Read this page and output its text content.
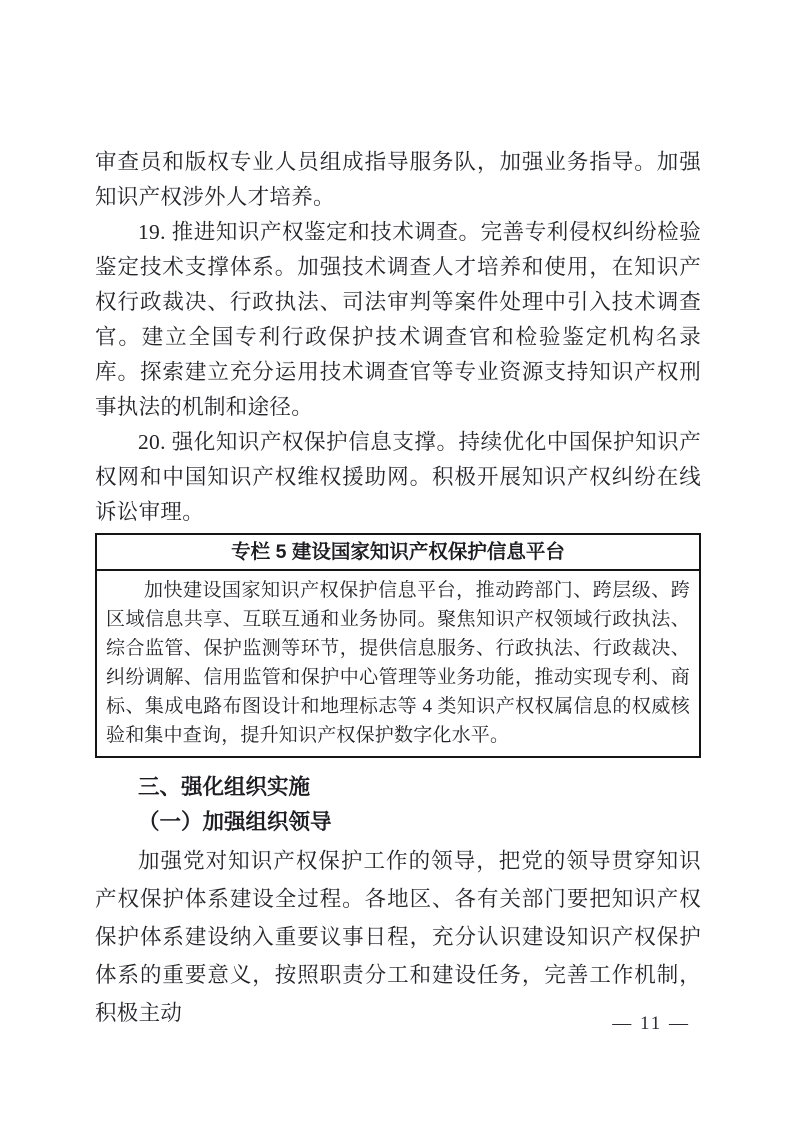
审查员和版权专业人员组成指导服务队，加强业务指导。加强知识产权涉外人才培养。

19. 推进知识产权鉴定和技术调查。完善专利侵权纠纷检验鉴定技术支撑体系。加强技术调查人才培养和使用，在知识产权行政裁决、行政执法、司法审判等案件处理中引入技术调查官。建立全国专利行政保护技术调查官和检验鉴定机构名录库。探索建立充分运用技术调查官等专业资源支持知识产权刑事执法的机制和途径。

20. 强化知识产权保护信息支撑。持续优化中国保护知识产权网和中国知识产权维权援助网。积极开展知识产权纠纷在线诉讼审理。

专栏 5 建设国家知识产权保护信息平台

加快建设国家知识产权保护信息平台，推动跨部门、跨层级、跨区域信息共享、互联互通和业务协同。聚焦知识产权领域行政执法、综合监管、保护监测等环节，提供信息服务、行政执法、行政裁决、纠纷调解、信用监管和保护中心管理等业务功能，推动实现专利、商标、集成电路布图设计和地理标志等 4 类知识产权权属信息的权威核验和集中查询，提升知识产权保护数字化水平。

三、强化组织实施
（一）加强组织领导

加强党对知识产权保护工作的领导，把党的领导贯穿知识产权保护体系建设全过程。各地区、各有关部门要把知识产权保护体系建设纳入重要议事日程，充分认识建设知识产权保护体系的重要意义，按照职责分工和建设任务，完善工作机制，积极主动	— 11 —
